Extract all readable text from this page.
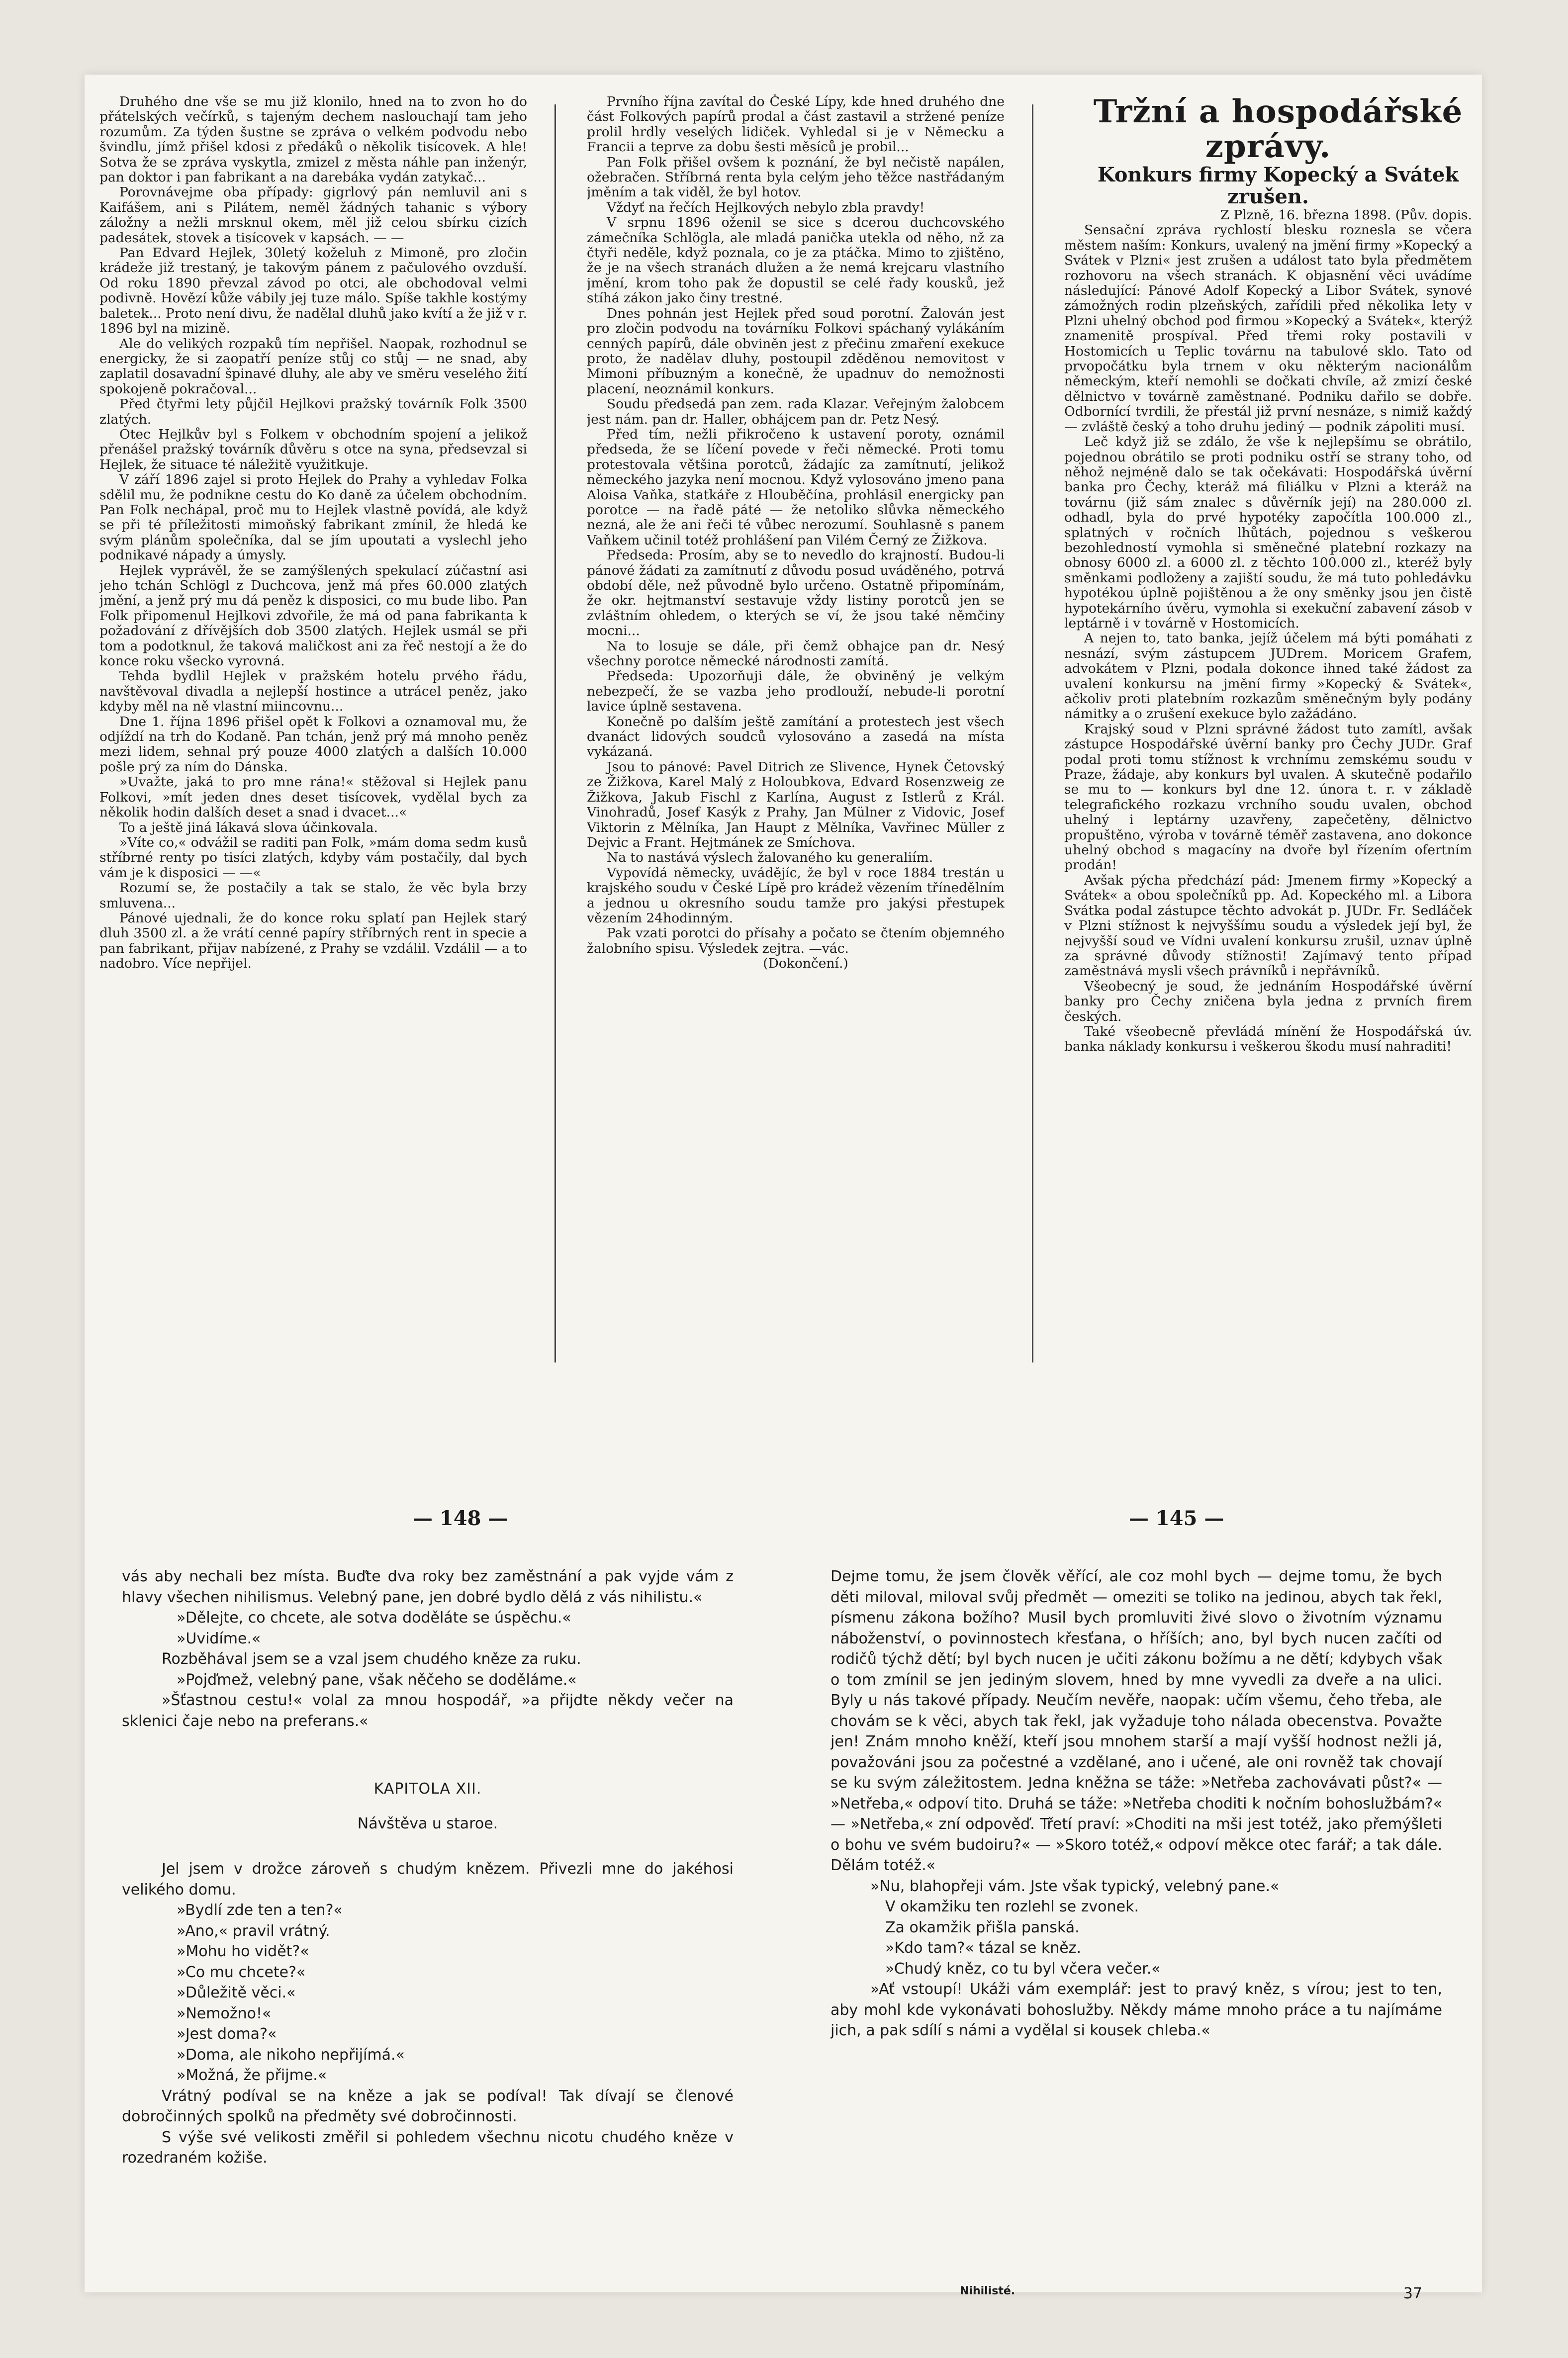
Druhého dne vše se mu již klonilo, hned na to zvon ho do přátelských večírků, s tajeným dechem naslouchají tam jeho rozumům. Za týden šustne se zpráva o velkém podvodu nebo švindlu, jímž přišel kdosi z předáků o několik tisícovek. A hle! Sotva že se zpráva vyskytla, zmizel z města náhle pan inženýr, pan doktor i pan fabrikant a na darebáka vydán zatykač...

Porovnávejme oba případy: gigrlový pán nemluvil ani s Kaifášem, ani s Pilátem, neměl žádných tahanic s výbory záložny a nežli mrsknul okem, měl již celou sbírku cizích padesátek, stovek a tisícovek v kapsách. — —

Pan Edvard Hejlek, 30letý koželuh z Mimoně, pro zločin krádeže již trestaný, je takovým pánem z pačulového ovzduší. Od roku 1890 převzal závod po otci, ale obchodoval velmi podivně. Hovězí kůže vábily jej tuze málo. Spíše takhle kostýmy baletek... Proto není divu, že nadělal dluhů jako kvítí a že již v r. 1896 byl na mizině.

Ale do velikých rozpaků tím nepřišel. Naopak, rozhodnul se energicky, že si zaopatří peníze stůj co stůj — ne snad, aby zaplatil dosavadní špinavé dluhy, ale aby ve směru veselého žití spokojeně pokračoval...

Před čtyřmi lety půjčil Hejlkovi pražský továrník Folk 3500 zlatých.

Otec Hejlkův byl s Folkem v obchodním spojení a jelikož přenášel pražský továrník důvěru s otce na syna, předsevzal si Hejlek, že situace té náležitě využitkuje.

V září 1896 zajel si proto Hejlek do Prahy a vyhledav Folka sdělil mu, že podnikne cestu do Ko daně za účelem obchodním. Pan Folk nechápal, proč mu to Hejlek vlastně povídá, ale když se při té příležitosti mimoňský fabrikant zmínil, že hledá ke svým plánům společníka, dal se jím upoutati a vyslechl jeho podnikavé nápady a úmysly.

Hejlek vyprávěl, že se zamýšlených spekulací zúčastní asi jeho tchán Schlögl z Duchcova, jenž má přes 60.000 zlatých jmění, a jenž prý mu dá peněz k disposici, co mu bude libo. Pan Folk připomenul Hejlkovi zdvořile, že má od pana fabrikanta k požadování z dřívějších dob 3500 zlatých. Hejlek usmál se při tom a podotknul, že taková maličkost ani za řeč nestojí a že do konce roku všecko vyrovná.

Tehda bydlil Hejlek v pražském hotelu prvého řádu, navštěvoval divadla a nejlepší hostince a utrácel peněz, jako kdyby měl na ně vlastní miincovnu...

Dne 1. října 1896 přišel opět k Folkovi a oznamoval mu, že odjíždí na trh do Kodaně. Pan tchán, jenž prý má mnoho peněz mezi lidem, sehnal prý pouze 4000 zlatých a dalších 10.000 pošle prý za ním do Dánska.

»Uvažte, jaká to pro mne rána!« stěžoval si Hejlek panu Folkovi, »mít jeden dnes deset tisícovek, vydělal bych za několik hodin dalších deset a snad i dvacet...«

To a ještě jiná lákavá slova účinkovala.

»Víte co,« odvážil se raditi pan Folk, »mám doma sedm kusů stříbrné renty po tisíci zlatých, kdyby vám postačily, dal bych vám je k disposici — —«

Rozumí se, že postačily a tak se stalo, že věc byla brzy smluvena...

Pánové ujednali, že do konce roku splatí pan Hejlek starý dluh 3500 zl. a že vrátí cenné papíry stříbrných rent in specie a pan fabrikant, přijav nabízené, z Prahy se vzdálil. Vzdálil — a to nadobro. Více nepřijel.

Prvního října zavítal do České Lípy, kde hned druhého dne část Folkových papírů prodal a část zastavil a stržené peníze prolil hrdly veselých lidiček. Vyhledal si je v Německu a Francii a teprve za dobu šesti měsíců je probil...

Pan Folk přišel ovšem k poznání, že byl nečistě napálen, ožebračen. Stříbrná renta byla celým jeho těžce nastřádaným jměním a tak viděl, že byl hotov.

Vždyť na řečích Hejlkových nebylo zbla pravdy!

V srpnu 1896 oženil se sice s dcerou duchcovského zámečníka Schlögla, ale mladá panička utekla od něho, nž za čtyři neděle, když poznala, co je za ptáčka. Mimo to zjištěno, že je na všech stranách dlužen a že nemá krejcaru vlastního jmění, krom toho pak že dopustil se celé řady kousků, jež stíhá zákon jako činy trestné.

Dnes pohnán jest Hejlek před soud porotní. Žalován jest pro zločin podvodu na továrníku Folkovi spáchaný vylákáním cenných papírů, dále obviněn jest z přečinu zmaření exekuce proto, že nadělav dluhy, postoupil zděděnou nemovitost v Mimoni příbuzným a konečně, že upadnuv do nemožnosti placení, neoznámil konkurs.

Soudu předsedá pan zem. rada Klazar. Veřejným žalobcem jest nám. pan dr. Haller, obhájcem pan dr. Petz Nesý.

Před tím, nežli přikročeno k ustavení poroty, oznámil předseda, že se líčení povede v řeči německé. Proti tomu protestovala většina porotců, žádajíc za zamítnutí, jelikož německého jazyka není mocnou. Když vylosováno jmeno pana Aloisa Vaňka, statkáře z Hlouběčína, prohlásil energicky pan porotce — na řadě páté — že netoliko slůvka německého nezná, ale že ani řeči té vůbec nerozumí. Souhlasně s panem Vaňkem učinil totéž prohlášení pan Vilém Černý ze Žižkova.

Předseda: Prosím, aby se to nevedlo do krajností. Budou-li pánové žádati za zamítnutí z důvodu posud uváděného, potrvá období děle, než původně bylo určeno. Ostatně připomínám, že okr. hejtmanství sestavuje vždy listiny porotců jen se zvláštním ohledem, o kterých se ví, že jsou také němčiny mocni...

Na to losuje se dále, při čemž obhajce pan dr. Nesý všechny porotce německé národnosti zamítá.

Předseda: Upozorňuji dále, že obviněný je velkým nebezpečí, že se vazba jeho prodlouží, nebude-li porotní lavice úplně sestavena.

Konečně po dalším ještě zamítání a protestech jest všech dvanáct lidových soudců vylosováno a zasedá na místa vykázaná.

Jsou to pánové: Pavel Ditrich ze Slivence, Hynek Četovský ze Žižkova, Karel Malý z Holoubkova, Edvard Rosenzweig ze Žižkova, Jakub Fischl z Karlína, August z Istlerů z Král. Vinohradů, Josef Kasýk z Prahy, Jan Mülner z Vidovic, Josef Viktorin z Mělníka, Jan Haupt z Mělníka, Vavřinec Müller z Dejvic a Frant. Hejtmánek ze Smíchova.

Na to nastává výslech žalovaného ku generaliím.

Vypovídá německy, uvádějíc, že byl v roce 1884 trestán u krajského soudu v České Lípě pro krádež vězením třínedělním a jednou u okresního soudu tamže pro jakýsi přestupek vězením 24hodinným.

Pak vzati porotci do přísahy a počato se čtením objemného žalobního spisu. Výsledek zejtra. —vác.

(Dokončení.)

Tržní a hospodářské zprávy.

Konkurs firmy Kopecký a Svátek zrušen.

Z Plzně, 16. března 1898. (Pův. dopis.

Sensační zpráva rychlostí blesku roznesla se včera městem naším: Konkurs, uvalený na jmění firmy »Kopecký a Svátek v Plzni« jest zrušen a událost tato byla předmětem rozhovoru na všech stranách. K objasnění věci uvádíme následující: Pánové Adolf Kopecký a Libor Svátek, synové zámožných rodin plzeňských, zařídili před několika lety v Plzni uhelný obchod pod firmou »Kopecký a Svátek«, kterýž znamenitě prospíval. Před třemi roky postavili v Hostomicích u Teplic továrnu na tabulové sklo. Tato od prvopočátku byla trnem v oku některým nacionálům německým, kteří nemohli se dočkati chvíle, až zmizí české dělnictvo v továrně zaměstnané. Podniku dařilo se dobře. Odbornící tvrdili, že přestál již první nesnáze, s nimiž každý — zvláště český a toho druhu jediný — podnik zápoliti musí.

Leč když již se zdálo, že vše k nejlepšímu se obrátilo, pojednou obrátilo se proti podniku ostří se strany toho, od něhož nejméně dalo se tak očekávati: Hospodářská úvěrní banka pro Čechy, kteráž má filiálku v Plzni a kteráž na továrnu (již sám znalec s důvěrník její) na 280.000 zl. odhadl, byla do prvé hypotéky započítla 100.000 zl., splatných v ročních lhůtách, pojednou s veškerou bezohledností vymohla si směnečné platební rozkazy na obnosy 6000 zl. a 6000 zl. z těchto 100.000 zl., kteréž byly směnkami podloženy a zajiští soudu, že má tuto pohledávku hypotékou úplně pojištěnou a že ony směnky jsou jen čistě hypotekárního úvěru, vymohla si exekuční zabavení zásob v leptárně i v továrně v Hostomicích.

A nejen to, tato banka, jejíž účelem má býti pomáhati z nesnází, svým zástupcem JUDrem. Moricem Grafem, advokátem v Plzni, podala dokonce ihned také žádost za uvalení konkursu na jmění firmy »Kopecký & Svátek«, ačkoliv proti platebním rozkazům směnečným byly podány námitky a o zrušení exekuce bylo zažádáno.

Krajský soud v Plzni správné žádost tuto zamítl, avšak zástupce Hospodářské úvěrní banky pro Čechy JUDr. Graf podal proti tomu stížnost k vrchnímu zemskému soudu v Praze, žádaje, aby konkurs byl uvalen. A skutečně podařilo se mu to — konkurs byl dne 12. února t. r. v základě telegrafického rozkazu vrchního soudu uvalen, obchod uhelný i leptárny uzavřeny, zapečetěny, dělnictvo propuštěno, výroba v továrně téměř zastavena, ano dokonce uhelný obchod s magacíny na dvoře byl řízením ofertním prodán!

Avšak pýcha předchází pád: Jmenem firmy »Kopecký a Svátek« a obou společníků pp. Ad. Kopeckého ml. a Libora Svátka podal zástupce těchto advokát p. JUDr. Fr. Sedláček v Plzni stížnost k nejvyššímu soudu a výsledek její byl, že nejvyšší soud ve Vídni uvalení konkursu zrušil, uznav úplně za správné důvody stížnosti! Zajímavý tento případ zaměstnává mysli všech právníků i nepřávníků.

Všeobecný je soud, že jednáním Hospodářské úvěrní banky pro Čechy zničena byla jedna z prvních firem českých.

Také všeobecně převládá mínění že Hospodářská úv. banka náklady konkursu i veškerou škodu musí nahraditi!

— 148 —	— 145 —

vás aby nechali bez místa. Buďte dva roky bez zaměstnání a pak vyjde vám z hlavy všechen nihilismus. Velebný pane, jen dobré bydlo dělá z vás nihilistu.«

»Dělejte, co chcete, ale sotva doděláte se úspěchu.«

»Uvidíme.«

Rozběhával jsem se a vzal jsem chudého kněze za ruku.

»Pojďmež, velebný pane, však něčeho se doděláme.«

»Šťastnou cestu!« volal za mnou hospodář, »a přijdte někdy večer na sklenici čaje nebo na preferans.«

KAPITOLA XII.

Návštěva u staroe.

Jel jsem v drožce zároveň s chudým knězem. Přivezli mne do jakéhosi velikého domu.

»Bydlí zde ten a ten?«

»Ano,« pravil vrátný.

»Mohu ho vidět?«

»Co mu chcete?«

»Důležitě věci.«

»Nemožno!«

»Jest doma?«

»Doma, ale nikoho nepřijímá.«

»Možná, že přijme.«

Vrátný podíval se na kněze a jak se podíval! Tak dívají se členové dobročinných spolků na předměty své dobročinnosti.

S výše své velikosti změřil si pohledem všechnu nicotu chudého kněze v rozedraném kožiše.

Dejme tomu, že jsem člověk věřící, ale coz mohl bych — dejme tomu, že bych děti miloval, miloval svůj předmět — omeziti se toliko na jedinou, abych tak řekl, písmenu zákona božího? Musil bych promluviti živé slovo o životním významu náboženství, o povinnostech křesťana, o hříších; ano, byl bych nucen začíti od rodičů týchž dětí; byl bych nucen je učiti zákonu božímu a ne dětí; kdybych však o tom zmínil se jen jediným slovem, hned by mne vyvedli za dveře a na ulici. Byly u nás takové případy. Neučím nevěře, naopak: učím všemu, čeho třeba, ale chovám se k věci, abych tak řekl, jak vyžaduje toho nálada obecenstva. Považte jen! Znám mnoho kněží, kteří jsou mnohem starší a mají vyšší hodnost nežli já, považováni jsou za počestné a vzdělané, ano i učené, ale oni rovněž tak chovají se ku svým záležitostem. Jedna kněžna se táže: »Netřeba zachovávati půst?« — »Netřeba,« odpoví tito. Druhá se táže: »Netřeba choditi k nočním bohoslužbám?« — »Netřeba,« zní odpověď. Třetí praví: »Choditi na mši jest totéž, jako přemýšleti o bohu ve svém budoiru?« — »Skoro totéž,« odpoví měkce otec farář; a tak dále. Dělám totéž.«

»Nu, blahopřeji vám. Jste však typický, velebný pane.«

V okamžiku ten rozlehl se zvonek.

Za okamžik přišla panská.

»Kdo tam?« tázal se kněz.

»Chudý kněz, co tu byl včera večer.«

»Ať vstoupí! Ukáži vám exemplář: jest to pravý kněz, s vírou; jest to ten, aby mohl kde vykonávati bohoslužby. Někdy máme mnoho práce a tu najímáme jich, a pak sdílí s námi a vydělal si kousek chleba.«

Nihilisté.	37
